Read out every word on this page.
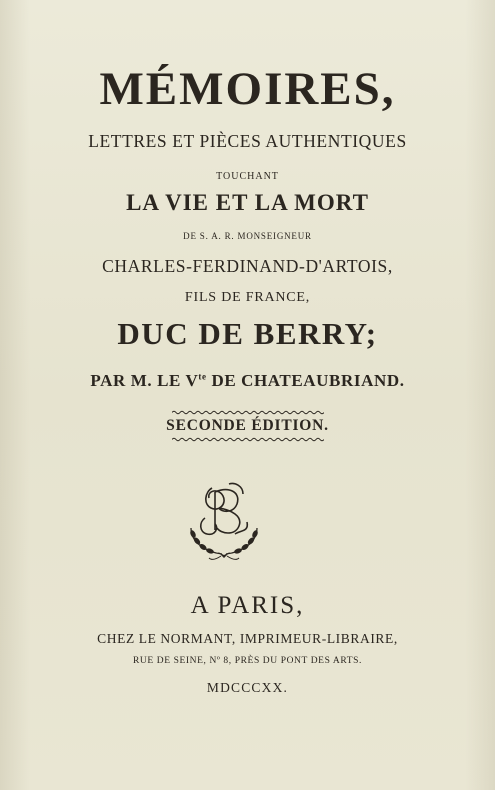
MÉMOIRES,
LETTRES ET PIÈCES AUTHENTIQUES
TOUCHANT
LA VIE ET LA MORT
DE S. A. R. MONSEIGNEUR
CHARLES-FERDINAND-D'ARTOIS,
FILS DE FRANCE,
DUC DE BERRY;
PAR M. LE $V^{te}$ DE CHATEAUBRIAND.
SECONDE ÉDITION.
A PARIS,
CHEZ LE NORMANT, IMPRIMEUR-LIBRAIRE,
RUE DE SEINE, Nº 8, PRÈS DU PONT DES ARTS.
MDCCCXX.
